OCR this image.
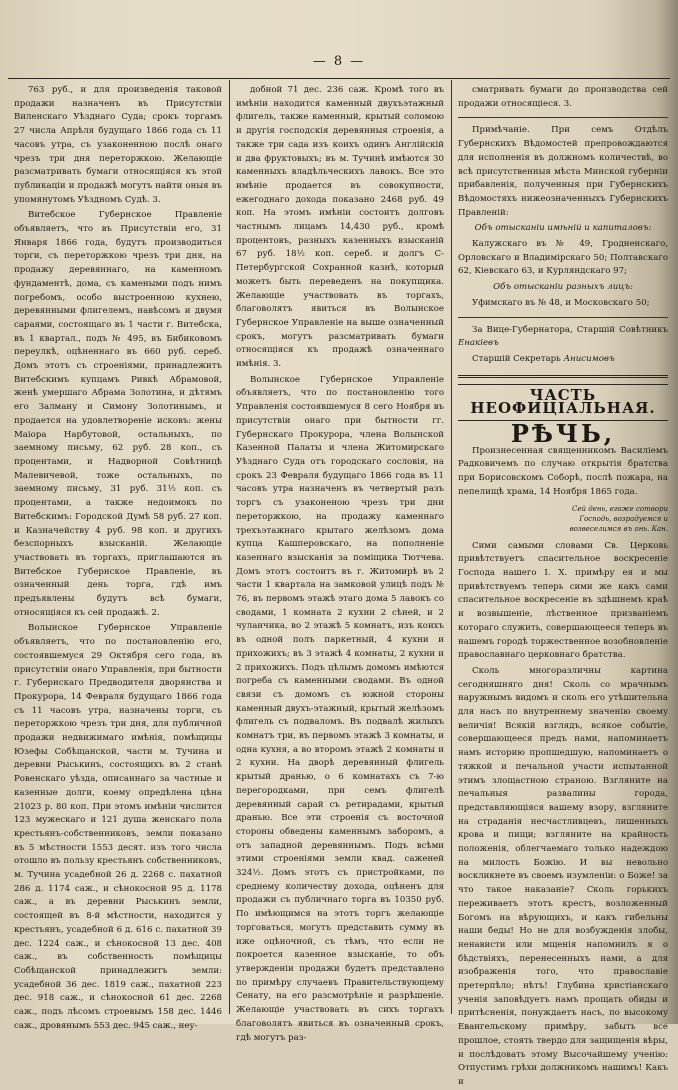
— 8 —

763 руб., и для произведенія таковой продажи назначенъ въ Присутствіи Виленскаго Уѣзднаго Суда; срокъ торгамъ 27 числа Апрѣля будущаго 1866 года съ 11 часовъ утра, съ узаконенною послѣ онаго чрезъ три дня переторжкою. Желающіе разсматривать бумаги относящіяся къ этой публикаціи и продажѣ могутъ найти оныя въ упомянутомъ Уѣздномъ Судѣ. 3.

Витебское Губернское Правленіе объявляетъ, что въ Присутствіи его, 31 Января 1866 года, будутъ производиться торги, съ переторжкою чрезъ три дня, на продажу деревяннаго, на каменномъ фундаментѣ, дома, съ камеными подъ нимъ погребомъ, особо выстроенною кухнею, деревянными флигелемъ, навѣсомъ и двумя сараями, состоящаго въ 1 части г. Витебска, въ 1 квартал., подъ № 495, въ Бибиковомъ переулкѣ, оцѣненнаго въ 660 руб. сереб. Домъ этотъ съ строеніями, принадлежитъ Витебскимъ купцамъ Ривкѣ Абрамовой, женѣ умершаго Абрама Золотина, и дѣтямъ его Залману и Симону Золотинымъ, и продается на удовлетвореніе исковъ: жены Маіора Нарбутовой, остальныхъ, по заемному письму, 62 руб. 28 коп., съ процентами, и Надворной Совѣтницѣ Малевичевой, тоже остальныхъ, по заемному письму, 31 руб. 31½ коп. съ процентами, а также недоимокъ по Витебскимъ: Городской Думѣ 58 руб. 27 коп. и Казначейству 4 руб. 98 коп. и другихъ безспорныхъ взысканій. Желающіе участвовать въ торгахъ, приглашаются въ Витебское Губернское Правленіе, въ означенный день торга, гдѣ имъ предъявлены будутъ всѣ бумаги, относящіяся къ сей продажѣ. 2.

Волынское Губернское Управленіе объявляетъ, что по постановленію его, состоявшемуся 29 Октября сего года, въ присутствіи онаго Управленія, при бытности г. Губернскаго Предводителя дворянства и Прокурора, 14 Февраля будущаго 1866 года съ 11 часовъ утра, назначены торги, съ переторжкою чрезъ три дня, для публичной продажи недвижимаго имѣнія, помѣщицы Юзефы Собѣщанской, части м. Тучина и деревни Рыськинъ, состоящихъ въ 2 станѣ Ровенскаго уѣзда, описаннаго за частные и казенные долги, коему опредѣлена цѣна 21023 р. 80 коп. При этомъ имѣніи числится 123 мужескаго и 121 душа женскаго пола крестьянъ-собственниковъ, земли показано въ 5 мѣстности 1553 десят. изъ того числа отошло въ пользу крестьянъ собственниковъ, м. Тучина усадебной 26 д. 2268 с. пахатной 286 д. 1174 саж., и сѣнокосной 95 д. 1178 саж., а въ деревни Рыськинъ земли, состоящей въ 8-й мѣстности, находится у крестьянъ, усадебной 6 д. 616 с. пахатной 39 дес. 1224 саж., и сѣнокосной 13 дес. 408 саж., въ собственность помѣщицы Собѣщанской принадлежитъ земли: усадебной 36 дес. 1819 саж., пахатной 223 дес. 918 саж., и сѣнокосной 61 дес. 2268 саж., подъ лѣсомъ строевымъ 158 дес. 1446 саж., дровянымъ 553 дес. 945 саж., неу-

добной 71 дес. 236 саж. Кромѣ того въ имѣніи находится каменный двухъэтажный флигель, также каменный, крытый соломою и другія господскія деревянныя строенія, а также три сада изъ коихъ одинъ Англійскій и два фруктовыхъ; въ м. Тучинѣ имѣются 30 каменныхъ владѣльческихъ лавокъ. Все это имѣніе продается въ совокупности, ежегоднаго дохода показано 2468 руб. 49 коп. На этомъ имѣніи состоитъ долговъ частнымъ лицамъ 14,430 руб., кромѣ процентовъ, разныхъ казенныхъ взысканій 67 руб. 18½ коп. сереб. и долгъ С-Петербургской Сохранной казнѣ, который можетъ быть переведенъ на покупщика. Желающіе участвовать въ торгахъ, благоволятъ явиться въ Волынское Губернское Управленіе на выше означенный срокъ, могутъ разсматривать бумаги относящіяся къ продажѣ означеннаго имѣнія. 3.

Волынское Губернское Управленіе объявляетъ, что по постановленію того Управленія состоявшемуся 8 сего Ноября въ присутствіи онаго при бытности гг. Губернскаго Прокурора, члена Волынской Казенной Палаты и члена Житомирскаго Уѣзднаго Суда отъ городскаго сословія, на срокъ 23 Февраля будущаго 1866 года въ 11 часовъ утра назначенъ въ четвертый разъ торгъ съ узаконеною чрезъ три дни переторжкою, на продажу каменнаго трехъэтажнаго крытаго желѣзомъ дома купца Кашперовскаго, на пополненіе казеннаго взысканія за поміщика Тютчева. Домъ этотъ состоитъ въ г. Житомирѣ въ 2 части 1 квартала на замковой улицѣ подъ № 76, въ первомъ этажѣ этаго дома 5 лавокъ со сводами, 1 комната 2 кухни 2 сѣней, и 2 чуланчика, во 2 этажѣ 5 комнатъ, изъ коихъ въ одной полъ паркетный, 4 кухни и прихожихъ; въ 3 этажѣ 4 комнаты, 2 кухни и 2 прихожихъ. Подъ цѣлымъ домомъ имѣются погреба съ каменными сводами. Въ одной связи съ домомъ съ южной стороны каменный двухъ-этажный, крытый желѣзомъ флигель съ подваломъ. Въ подвалѣ жилыхъ комнатъ три, въ первомъ этажѣ 3 комнаты, и одна кухня, а во второмъ этажѣ 2 комнаты и 2 кухни. На дворѣ деревянный флигель крытый дранью, о 6 комнатахъ съ 7-ю перегородками, при семъ флигелѣ деревянный сарай съ ретирадами, крытый дранью. Все эти строенія съ восточной стороны обведены каменнымъ заборомъ, а отъ западной деревяннымъ. Подъ всѣми этими строеніями земли квад. саженей 324½. Домъ этотъ съ пристройками, по среднему количеству дохода, оцѣненъ для продажи съ публичнаго торга въ 10350 руб. По имѣющимся на этотъ торгъ желающіе торговаться, могутъ представить сумму въ иже оцѣночной, съ тѣмъ, что если не покроется казенное взысканіе, то объ утвержденіи продажи будетъ представлено по примѣру случаевъ Правительствующему Сенату, на его разсмотрѣніе и разрѣшеніе. Желающіе участвовать въ сихъ торгахъ благоволятъ явиться въ означенный срокъ, гдѣ могутъ раз-

сматривать бумаги до производства сей продажи относящіеся. 3.

Примѣчаніе. При семъ Отдѣлъ Губернскихъ Вѣдомостей препровождаются для исполненія въ должномъ количествѣ, во всѣ присутственныя мѣста Минской губерніи прибавленія, полученныя при Губернскихъ Вѣдомостяхъ нижеозначенныхъ Губернскихъ Правленій:

Объ отысканіи имѣній и капиталовъ:

Калужскаго въ № 49, Гродненскаго, Орловскаго и Владимірскаго 50; Полтавскаго 62, Кіевскаго 63, и Курляндскаго 97;

Объ отысканіи разныхъ лицъ:

Уфимскаго въ № 48, и Московскаго 50;

За Вице-Губернатора, Старшій Совѣтникъ Енакіевъ

Старшій Секретарь Анисимовъ

ЧАСТЬ НЕОФИЦІАЛЬНАЯ.
РѢЧЬ,

Произнесенная священникомъ Василіемъ Радковичемъ по случаю открытія братства при Борисовскомъ Соборѣ, послѣ пожара, на пепелищѣ храма, 14 Ноября 1865 года.

Сей день, егоже сотвори Господь, возрадуемся и возвеселимся въ онь. Кан.

Сими самыми словами Св. Церковь привѣтствуетъ спасительное воскресеніе Господа нашего І. Х. примѣру ея и мы привѣтствуемъ теперь сими же какъ сами спасительное воскресеніе въ здѣшнемъ краѣ и возвышеніе, лѣственное призваніемъ котораго служить, совершающееся теперь въ нашемъ городѣ торжественное возобновленіе православнаго церковнаго братства.

Сколь многоразличны картина сегодняшняго дня! Сколь со мрачнымъ наружнымъ видомъ и сколь его утѣшительна для насъ по внутреннему значенію своему величія! Всякій взглядъ, всякое событіе, совершающееся предъ нами, напоминаетъ намъ историю пропшедшую, напоминаетъ о тяжкой и печальной участи испытанной этимъ злощастною страною. Взглянитe на печальныя развалины города, представляющіяся вашему взору, взгляните на страданія несчастливцевъ, лишенныхъ крова и пищи; взгляните на крайность положенія, облегчаемаго только надеждою на милость Божію. И вы невольно воскликнете въ своемъ изумленіи: о Боже! за что такое наказаніе? Сколь горькихъ переживаетъ этотъ крестъ, возложенный Богомъ на вѣрующихъ, и какъ гибельны наши беды! Но не для возбужденія злобы, ненависти или мщенія напомнилъ я о бѣдствіяхъ, перенесенныхъ нами, а для изображенія того, что православіе претерпѣло; нѣтъ! Глубина христіанскаго ученія заповѣдуетъ намъ прощать обиды и притѣсненія, понуждаетъ насъ, по высокому Евангельскому примѣру, забыть все прошлое, стоять твердо для защищенія вѣры, и послѣдовать этому Высочайшему ученію: Отпустимъ грѣхи должникомъ нашимъ! Какъ и
